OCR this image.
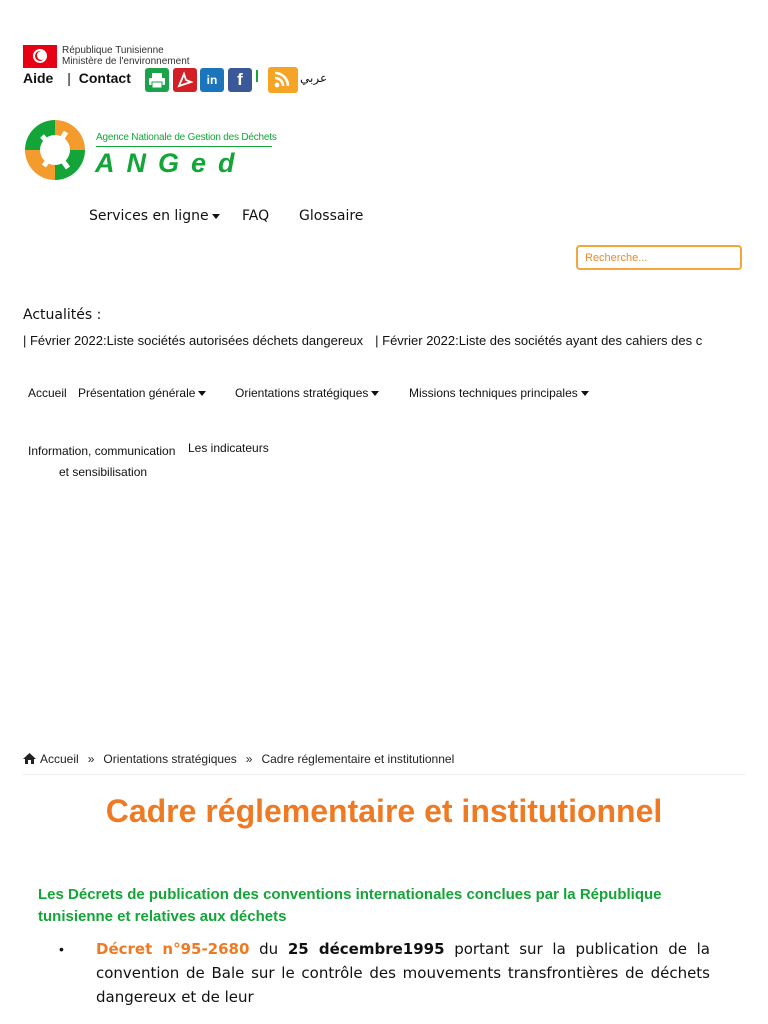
République Tunisienne
Ministère de l'environnement
Aide | Contact	in	f	عربي
Agence Nationale de Gestion des Déchets
ANGed
Services en ligne	FAQ Glossaire
Recherche...
Actualités :
| Février 2022:Liste sociétés autorisées déchets dangereux | Février 2022:Liste des sociétés ayant des cahiers des c
Accueil Présentation générale	Orientations stratégiques	Missions techniques principales
Information, communication
et sensibilisation
Les indicateurs
Accueil » Orientations stratégiques » Cadre réglementaire et institutionnel
Cadre réglementaire et institutionnel
Les Décrets de publication des conventions internationales conclues par la République tunisienne et relatives aux déchets
• Décret n°95-2680 du 25 décembre1995 portant sur la publication de la convention de Bale sur le contrôle des mouvements transfrontières de déchets dangereux et de leur
